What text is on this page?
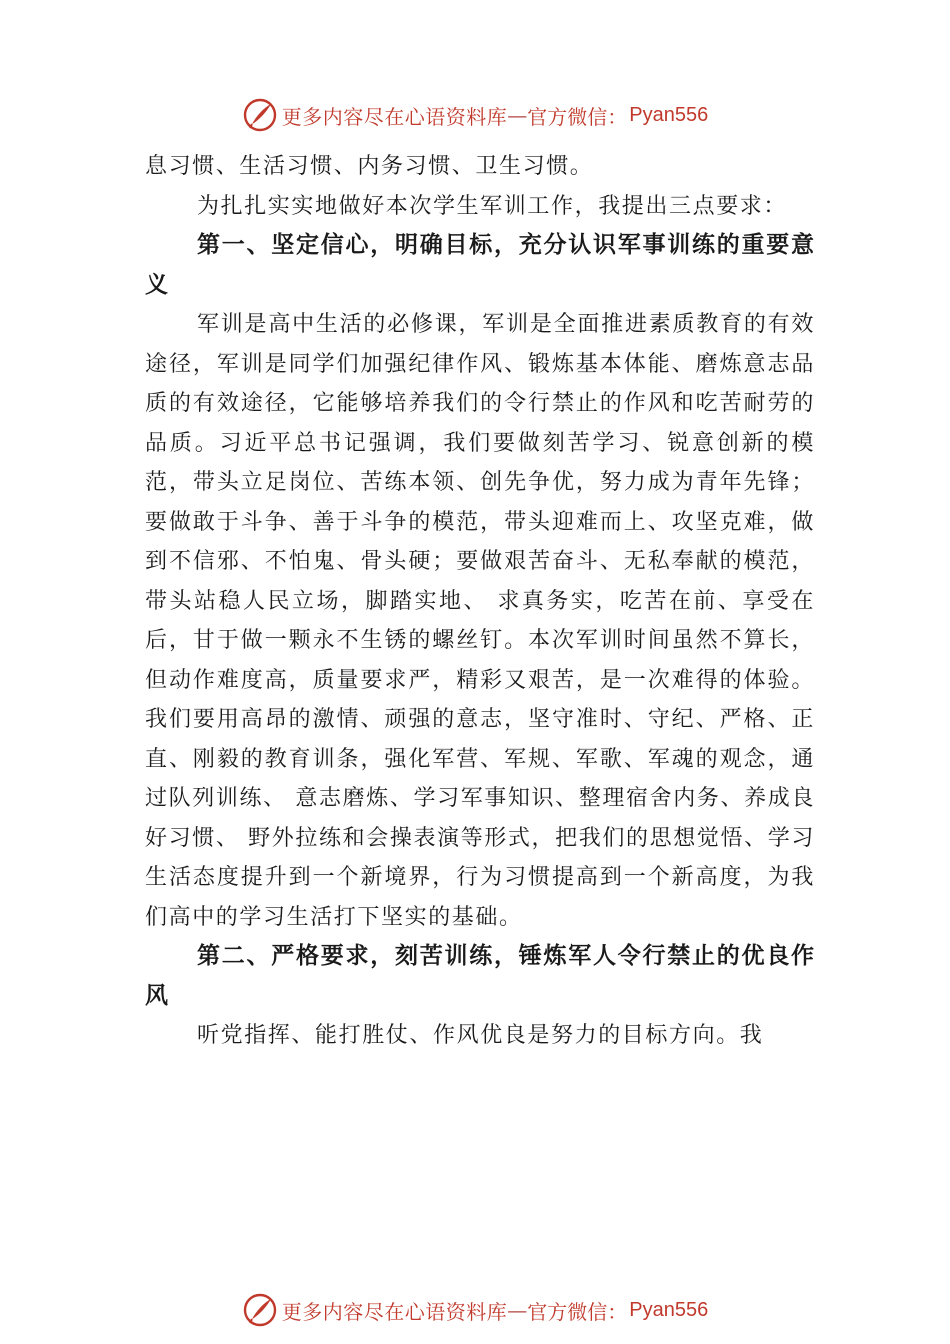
更多内容尽在心语资料库 — 官方微信： Pyan556

息习惯、生活习惯、内务习惯、卫生习惯。

为扎扎实实地做好本次学生军训工作，我提出三点要求：

第一、坚定信心，明确目标，充分认识军事训练的重要意义

军训是高中生活的必修课，军训是全面推进素质教育的有效途径，军训是同学们加强纪律作风、锻炼基本体能、磨炼意志品质的有效途径，它能够培养我们的令行禁止的作风和吃苦耐劳的品质。习近平总书记强调，我们要做刻苦学习、锐意创新的模范，带头立足岗位、苦练本领、创先争优，努力成为青年先锋；要做敢于斗争、善于斗争的模范，带头迎难而上、攻坚克难，做到不信邪、不怕鬼、骨头硬；要做艰苦奋斗、无私奉献的模范，带头站稳人民立场，脚踏实地、 求真务实，吃苦在前、享受在后，甘于做一颗永不生锈的螺丝钉。本次军训时间虽然不算长，但动作难度高，质量要求严，精彩又艰苦，是一次难得的体验。我们要用高昂的激情、顽强的意志，坚守准时、守纪、严格、正直、刚毅的教育训条，强化军营、军规、军歌、军魂的观念，通过队列训练、 意志磨炼、学习军事知识、整理宿舍内务、养成良好习惯、 野外拉练和会操表演等形式，把我们的思想觉悟、学习生活态度提升到一个新境界，行为习惯提高到一个新高度，为我们高中的学习生活打下坚实的基础。

第二、严格要求，刻苦训练，锤炼军人令行禁止的优良作风

听党指挥、能打胜仗、作风优良是努力的目标方向。我

更多内容尽在心语资料库 — 官方微信： Pyan556
